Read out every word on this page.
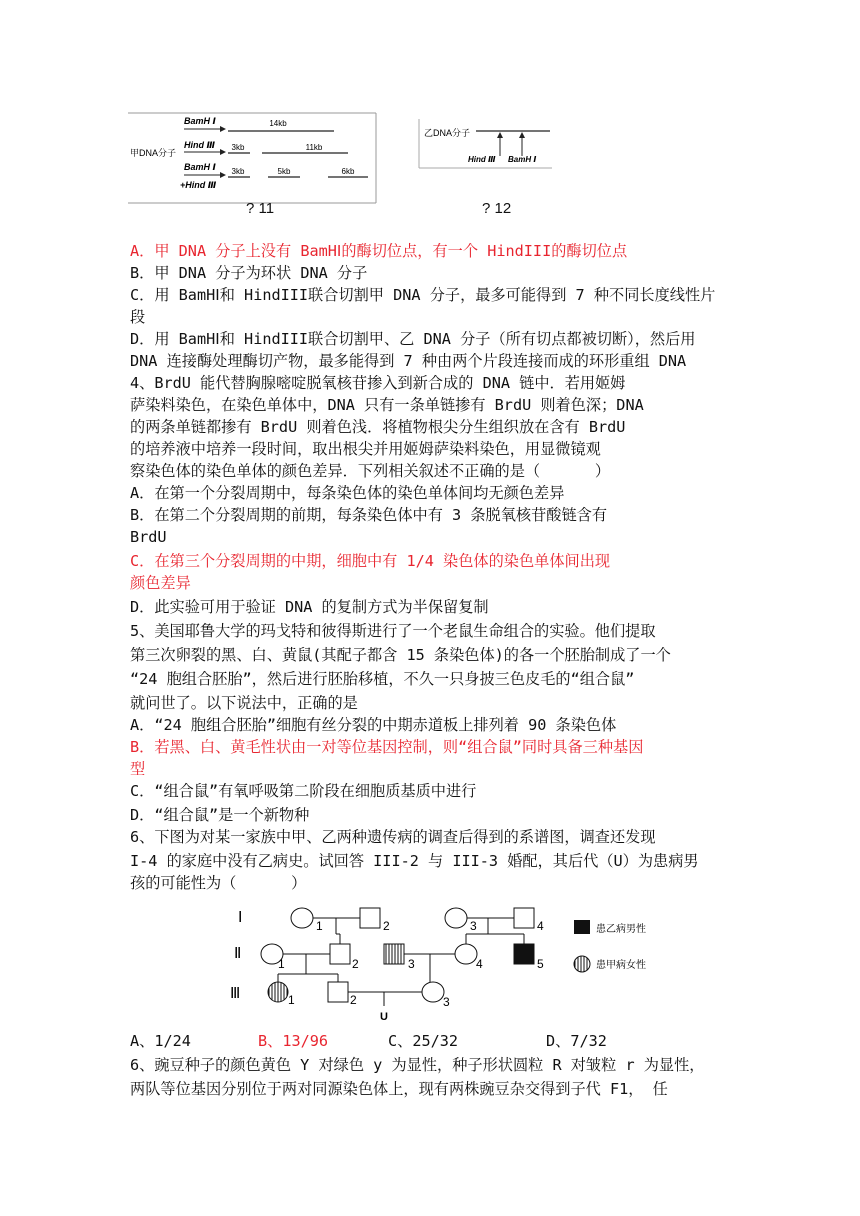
BamH Ⅰ	14kb
Hind Ⅲ
甲DNA分子
3kb	11kb
BamH Ⅰ
+Hind Ⅲ
3kb	5kb	6kb
? 11
乙DNA分子
Hind Ⅲ BamH Ⅰ
? 12
A．甲 DNA 分子上没有 BamHⅠ的酶切位点，有一个 HindIII的酶切位点
B．甲 DNA 分子为环状 DNA 分子
C．用 BamHⅠ和 HindIII联合切割甲 DNA 分子，最多可能得到 7 种不同长度线性片
段
D．用 BamHⅠ和 HindIII联合切割甲、乙 DNA 分子（所有切点都被切断），然后用
DNA 连接酶处理酶切产物，最多能得到 7 种由两个片段连接而成的环形重组 DNA
4、BrdU 能代替胸腺嘧啶脱氧核苷掺入到新合成的 DNA 链中．若用姬姆
萨染料染色，在染色单体中，DNA 只有一条单链掺有 BrdU 则着色深；DNA
的两条单链都掺有 BrdU 则着色浅．将植物根尖分生组织放在含有 BrdU
的培养液中培养一段时间，取出根尖并用姬姆萨染料染色，用显微镜观
察染色体的染色单体的颜色差异．下列相关叙述不正确的是（      ）
A．在第一个分裂周期中，每条染色体的染色单体间均无颜色差异
B．在第二个分裂周期的前期，每条染色体中有 3 条脱氧核苷酸链含有
BrdU
C．在第三个分裂周期的中期，细胞中有 1/4 染色体的染色单体间出现
颜色差异
D．此实验可用于验证 DNA 的复制方式为半保留复制
5、美国耶鲁大学的玛戈特和彼得斯进行了一个老鼠生命组合的实验。他们提取
第三次卵裂的黑、白、黄鼠(其配子都含 15 条染色体)的各一个胚胎制成了一个
“24 胞组合胚胎”，然后进行胚胎移植，不久一只身披三色皮毛的“组合鼠”
就问世了。以下说法中，正确的是
A．“24 胞组合胚胎”细胞有丝分裂的中期赤道板上排列着 90 条染色体
B．若黑、白、黄毛性状由一对等位基因控制，则“组合鼠”同时具备三种基因
型
C．“组合鼠”有氧呼吸第二阶段在细胞质基质中进行
D．“组合鼠”是一个新物种
6、下图为对某一家族中甲、乙两种遗传病的调查后得到的系谱图，调查还发现
I-4 的家庭中没有乙病史。试回答 III-2 与 III-3 婚配，其后代（U）为患病男
孩的可能性为（      ）
Ⅰ
Ⅱ
Ⅲ
1	2	3	4
1	2	3	4	5
1	2	3
U
患乙病男性
患甲病女性

A、1/24

	B、13/96

	C、25/32

	D、7/32

6、豌豆种子的颜色黄色 Y 对绿色 y 为显性，种子形状圆粒 R 对皱粒 r 为显性，
两队等位基因分别位于两对同源染色体上，现有两株豌豆杂交得到子代 F1， 任
